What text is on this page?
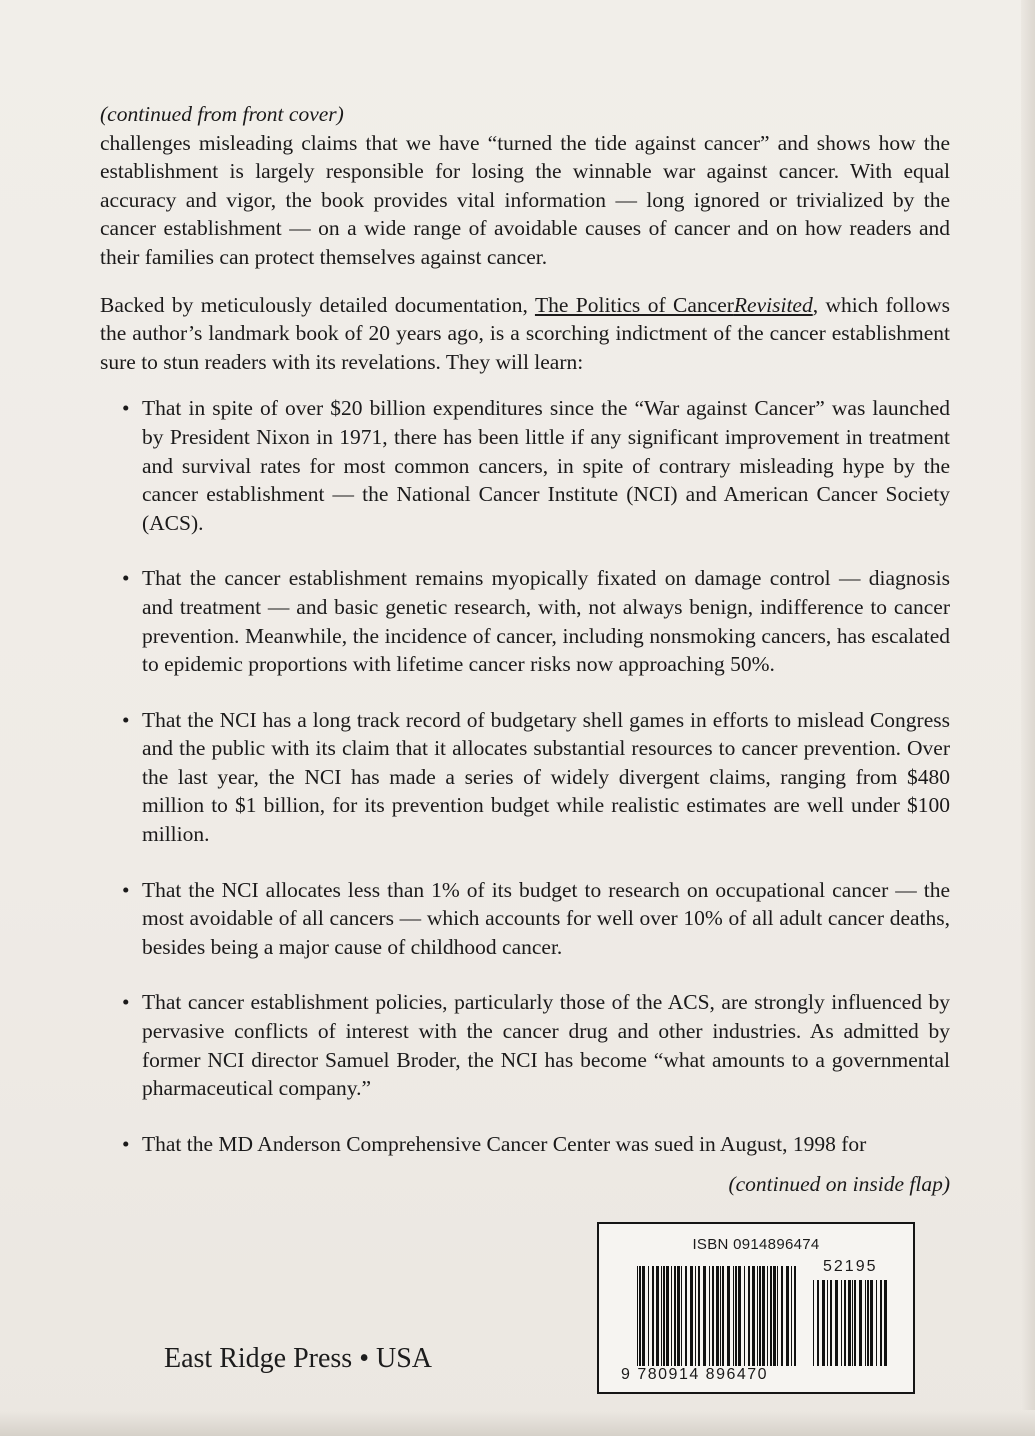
(continued from front cover)

challenges misleading claims that we have “turned the tide against cancer” and shows how the establishment is largely responsible for losing the winnable war against cancer. With equal accuracy and vigor, the book provides vital information — long ignored or trivialized by the cancer establishment — on a wide range of avoidable causes of cancer and on how readers and their families can protect themselves against cancer.

Backed by meticulously detailed documentation, The Politics of CancerRevisited, which follows the author’s landmark book of 20 years ago, is a scorching indictment of the cancer establishment sure to stun readers with its revelations. They will learn:

• That in spite of over $20 billion expenditures since the “War against Cancer” was launched by President Nixon in 1971, there has been little if any significant improvement in treatment and survival rates for most common cancers, in spite of contrary misleading hype by the cancer establishment — the National Cancer Institute (NCI) and American Cancer Society (ACS).
• That the cancer establishment remains myopically fixated on damage control — diagnosis and treatment — and basic genetic research, with, not always benign, indifference to cancer prevention. Meanwhile, the incidence of cancer, including nonsmoking cancers, has escalated to epidemic proportions with lifetime cancer risks now approaching 50%.
• That the NCI has a long track record of budgetary shell games in efforts to mislead Congress and the public with its claim that it allocates substantial resources to cancer prevention. Over the last year, the NCI has made a series of widely divergent claims, ranging from $480 million to $1 billion, for its prevention budget while realistic estimates are well under $100 million.
• That the NCI allocates less than 1% of its budget to research on occupational cancer — the most avoidable of all cancers — which accounts for well over 10% of all adult cancer deaths, besides being a major cause of childhood cancer.
• That cancer establishment policies, particularly those of the ACS, are strongly influenced by pervasive conflicts of interest with the cancer drug and other industries. As admitted by former NCI director Samuel Broder, the NCI has become “what amounts to a governmental pharmaceutical company.”
• That the MD Anderson Comprehensive Cancer Center was sued in August, 1998 for

(continued on inside flap)

East Ridge Press • USA
ISBN 0914896474
52195
9 780914 896470
